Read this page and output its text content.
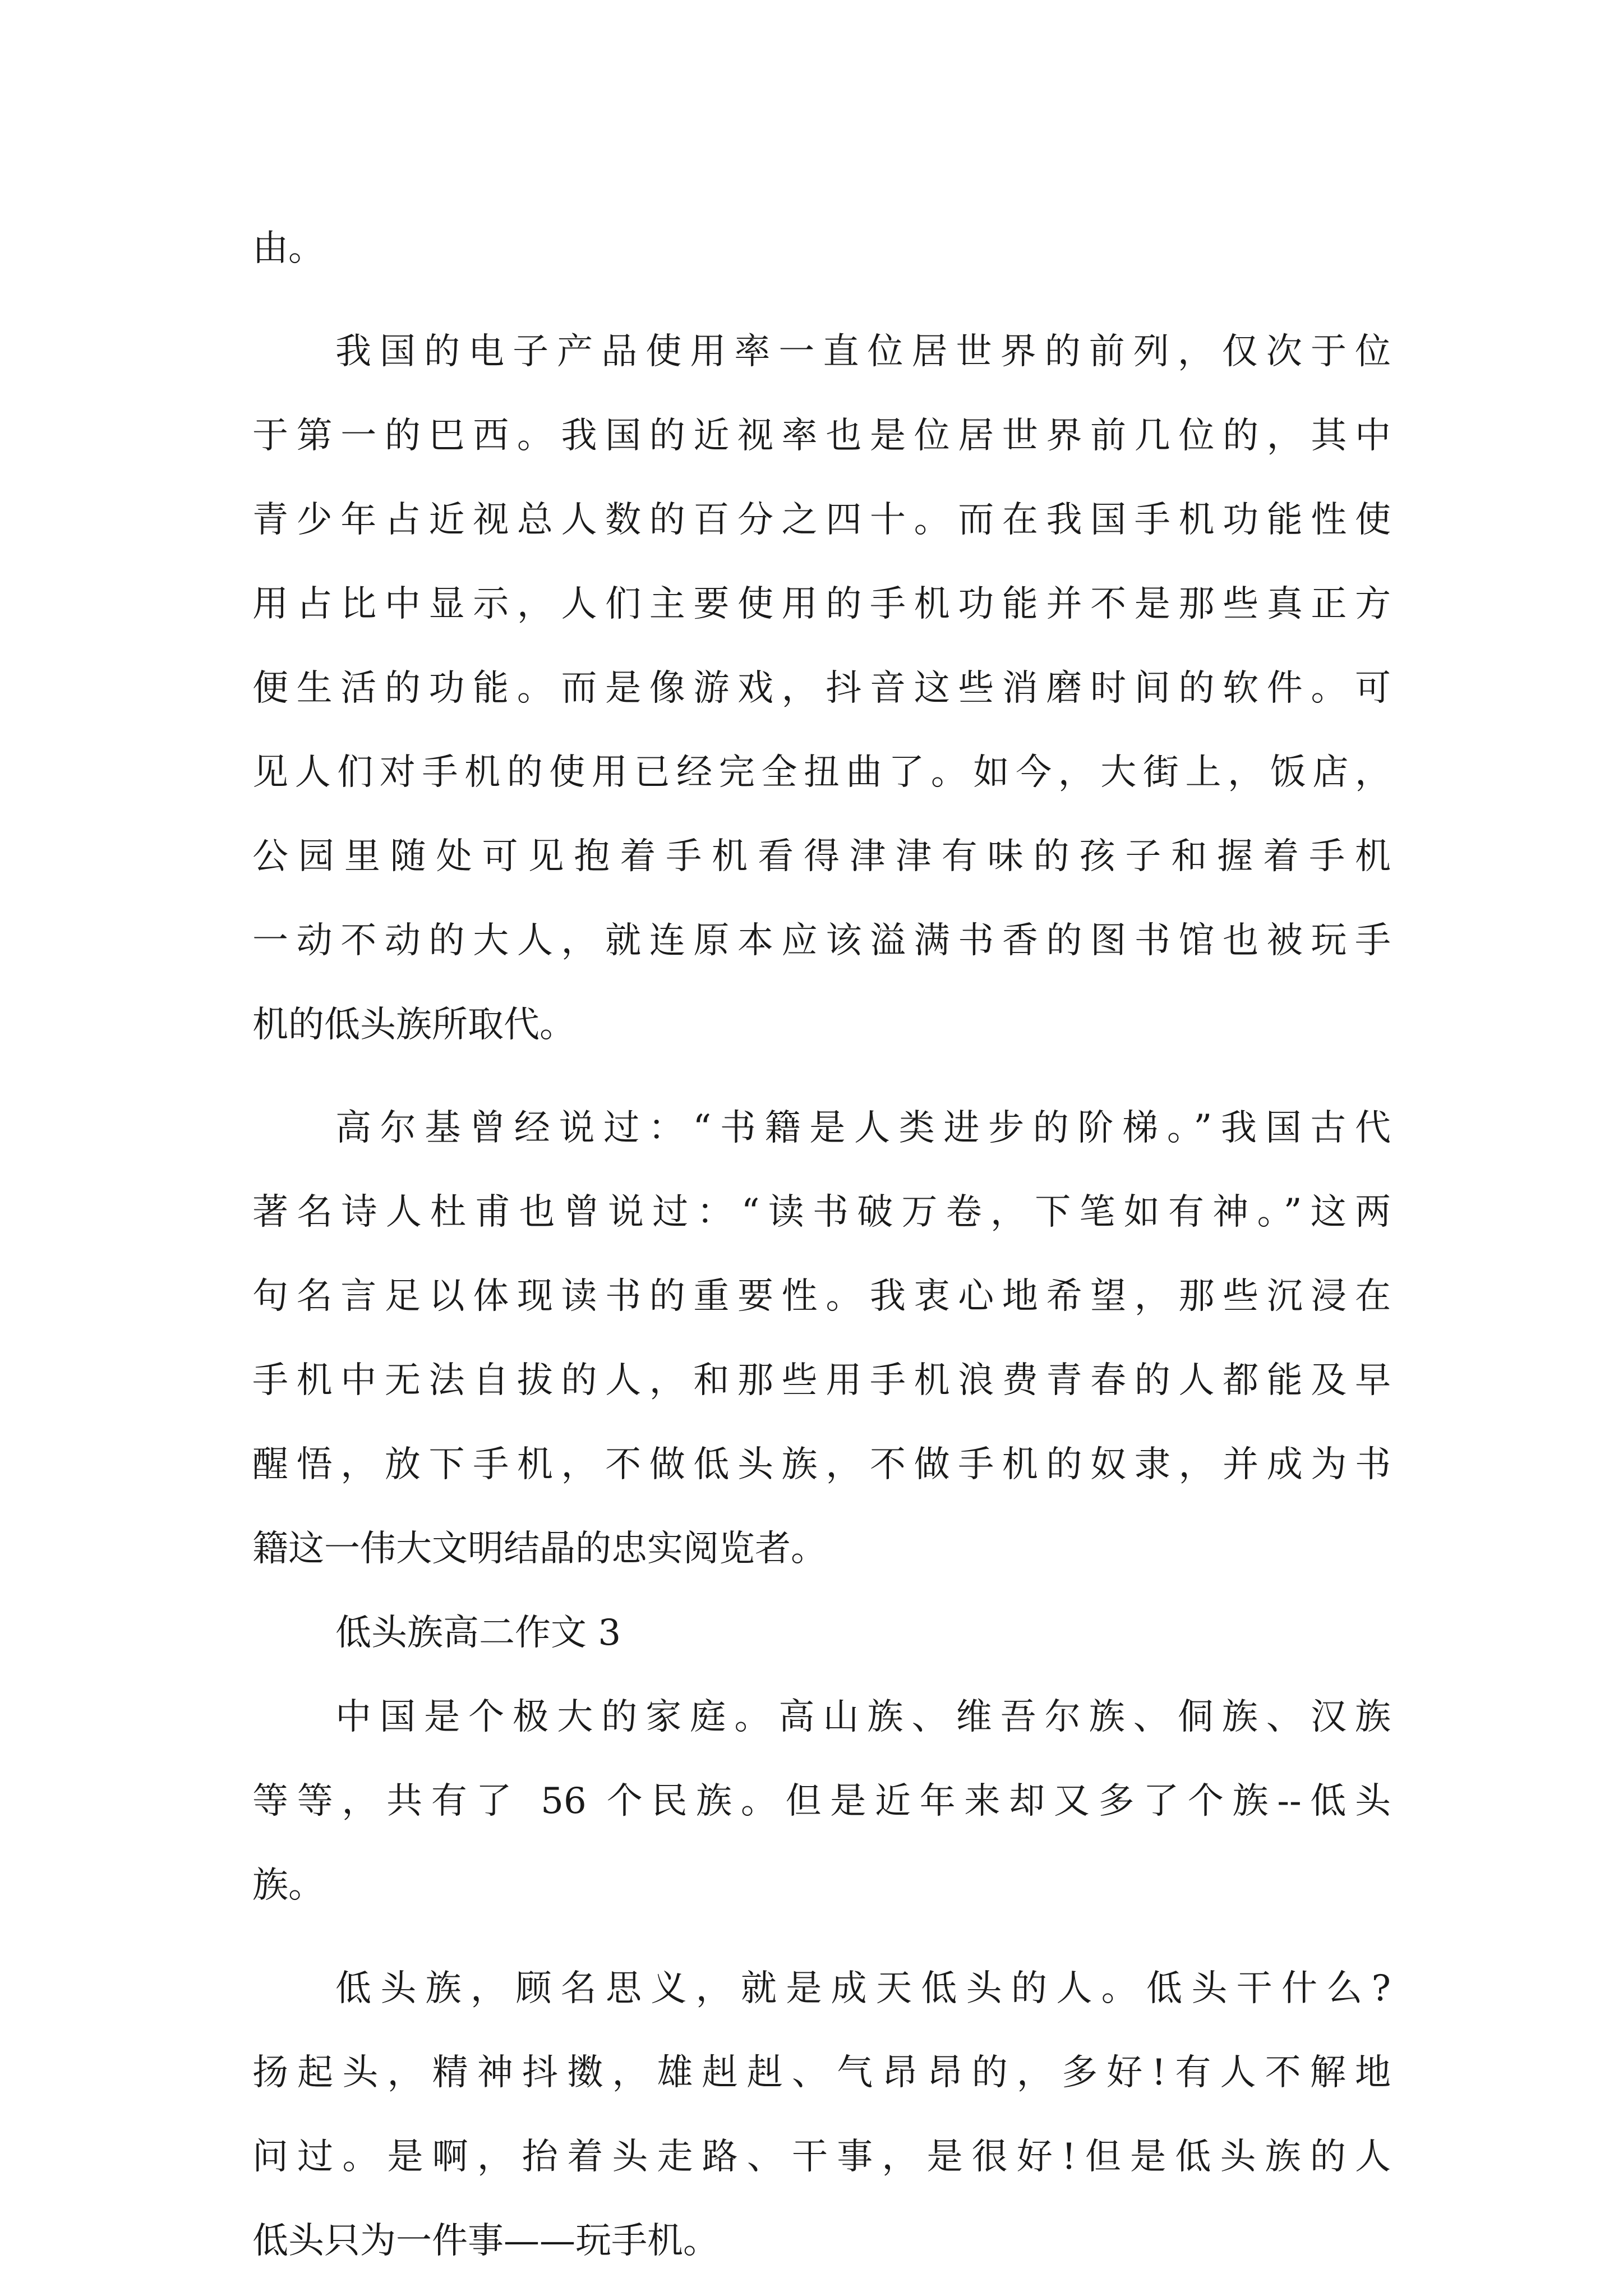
由。
我国的电子产品使用率一直位居世界的前列，仅次于位
于第一的巴西。我国的近视率也是位居世界前几位的，其中
青少年占近视总人数的百分之四十。而在我国手机功能性使
用占比中显示，人们主要使用的手机功能并不是那些真正方
便生活的功能。而是像游戏，抖音这些消磨时间的软件。可
见人们对手机的使用已经完全扭曲了。如今，大街上，饭店，
公园里随处可见抱着手机看得津津有味的孩子和握着手机
一动不动的大人，就连原本应该溢满书香的图书馆也被玩手
机的低头族所取代。
高尔基曾经说过：“书籍是人类进步的阶梯。”我国古代
著名诗人杜甫也曾说过：“读书破万卷，下笔如有神。”这两
句名言足以体现读书的重要性。我衷心地希望，那些沉浸在
手机中无法自拔的人，和那些用手机浪费青春的人都能及早
醒悟，放下手机，不做低头族，不做手机的奴隶，并成为书
籍这一伟大文明结晶的忠实阅览者。
低头族高二作文 3
中国是个极大的家庭。高山族、维吾尔族、侗族、汉族
等等，共有了 56 个民族。但是近年来却又多了个族--低头
族。
低头族，顾名思义，就是成天低头的人。低头干什么?
扬起头，精神抖擞，雄赳赳、气昂昂的，多好!有人不解地
问过。是啊，抬着头走路、干事，是很好!但是低头族的人
低头只为一件事——玩手机。
